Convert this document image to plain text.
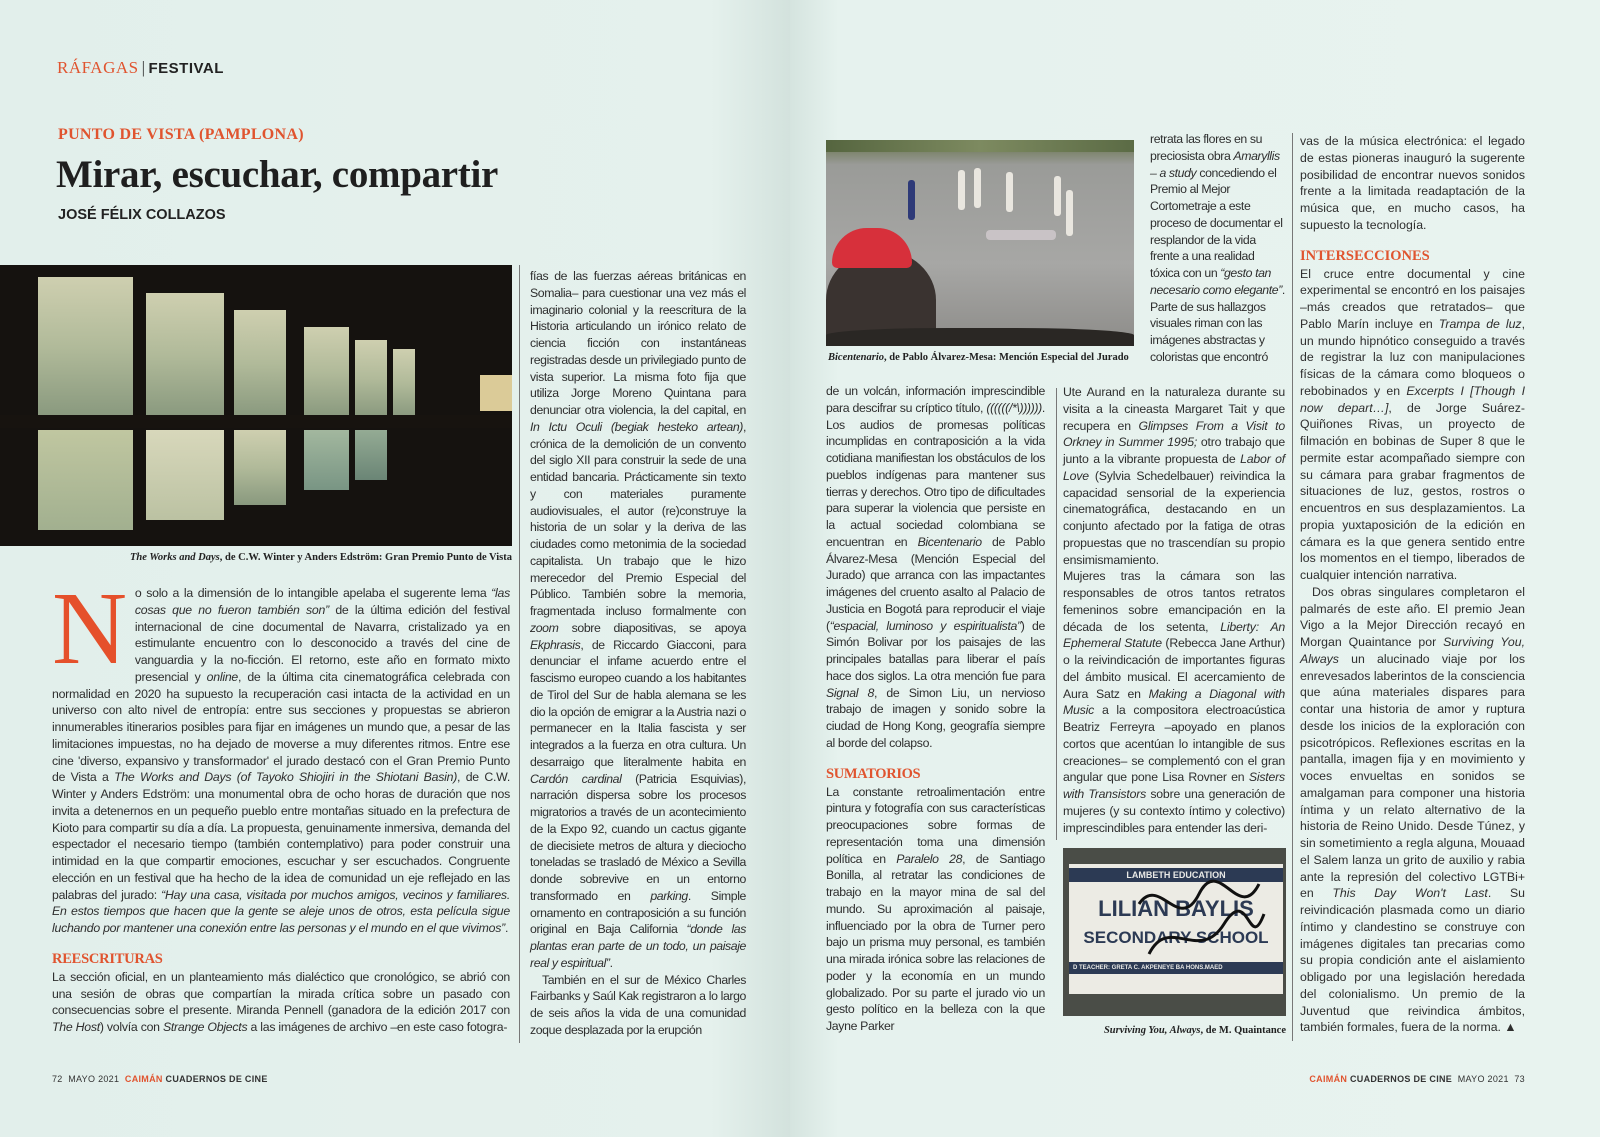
RÁFAGAS | FESTIVAL
PUNTO DE VISTA (PAMPLONA)
Mirar, escuchar, compartir
JOSÉ FÉLIX COLLAZOS
The Works and Days, de C.W. Winter y Anders Edström: Gran Premio Punto de Vista
N o solo a la dimensión de lo intangible apelaba el sugerente lema “las cosas que no fueron también son” de la última edición del festival internacional de cine documental de Navarra, cristalizado ya en estimulante encuentro con lo desconocido a través del cine de vanguardia y la no-ficción. El retorno, este año en formato mixto presencial y online, de la última cita cinematográfica celebrada con normalidad en 2020 ha supuesto la recuperación casi intacta de la actividad en un universo con alto nivel de entropía: entre sus secciones y propuestas se abrieron innumerables itinerarios posibles para fijar en imágenes un mundo que, a pesar de las limitaciones impuestas, no ha dejado de moverse a muy diferentes ritmos. Entre ese cine 'diverso, expansivo y transformador' el jurado destacó con el Gran Premio Punto de Vista a The Works and Days (of Tayoko Shiojiri in the Shiotani Basin), de C.W. Winter y Anders Edström: una monumental obra de ocho horas de duración que nos invita a detenernos en un pequeño pueblo entre montañas situado en la prefectura de Kioto para compartir su día a día. La propuesta, genuinamente inmersiva, demanda del espectador el necesario tiempo (también contemplativo) para poder construir una intimidad en la que compartir emociones, escuchar y ser escuchados. Congruente elección en un festival que ha hecho de la idea de comunidad un eje reflejado en las palabras del jurado: “Hay una casa, visitada por muchos amigos, vecinos y familiares. En estos tiempos que hacen que la gente se aleje unos de otros, esta película sigue luchando por mantener una conexión entre las personas y el mundo en el que vivimos”.

REESCRITURAS

La sección oficial, en un planteamiento más dialéctico que cronológico, se abrió con una sesión de obras que compartían la mirada crítica sobre un pasado con consecuencias sobre el presente. Miranda Pennell (ganadora de la edición 2017 con The Host) volvía con Strange Objects a las imágenes de archivo –en este caso fotogra-

fías de las fuerzas aéreas británicas en Somalia– para cuestionar una vez más el imaginario colonial y la reescritura de la Historia articulando un irónico relato de ciencia ficción con instantáneas registradas desde un privilegiado punto de vista superior. La misma foto fija que utiliza Jorge Moreno Quintana para denunciar otra violencia, la del capital, en In Ictu Oculi (begiak hesteko artean), crónica de la demolición de un convento del siglo XII para construir la sede de una entidad bancaria. Prácticamente sin texto y con materiales puramente audiovisuales, el autor (re)construye la historia de un solar y la deriva de las ciudades como metonimia de la sociedad capitalista. Un trabajo que le hizo merecedor del Premio Especial del Público. También sobre la memoria, fragmentada incluso formalmente con zoom sobre diapositivas, se apoya Ekphrasis, de Riccardo Giacconi, para denunciar el infame acuerdo entre el fascismo europeo cuando a los habitantes de Tirol del Sur de habla alemana se les dio la opción de emigrar a la Austria nazi o permanecer en la Italia fascista y ser integrados a la fuerza en otra cultura. Un desarraigo que literalmente habita en Cardón cardinal (Patricia Esquivias), narración dispersa sobre los procesos migratorios a través de un acontecimiento de la Expo 92, cuando un cactus gigante de diecisiete metros de altura y dieciocho toneladas se trasladó de México a Sevilla donde sobrevive en un entorno transformado en parking. Simple ornamento en contraposición a su función original en Baja California “donde las plantas eran parte de un todo, un paisaje real y espiritual”.

También en el sur de México Charles Fairbanks y Saúl Kak registraron a lo largo de seis años la vida de una comunidad zoque desplazada por la erupción

72 MAYO 2021 CAIMÁN CUADERNOS DE CINE
Bicentenario, de Pablo Álvarez-Mesa: Mención Especial del Jurado

de un volcán, información imprescindible para descifrar su críptico título, ((((((/*\)))))). Los audios de promesas políticas incumplidas en contraposición a la vida cotidiana manifiestan los obstáculos de los pueblos indígenas para mantener sus tierras y derechos. Otro tipo de dificultades para superar la violencia que persiste en la actual sociedad colombiana se encuentran en Bicentenario de Pablo Álvarez-Mesa (Mención Especial del Jurado) que arranca con las impactantes imágenes del cruento asalto al Palacio de Justicia en Bogotá para reproducir el viaje (“espacial, luminoso y espiritualista”) de Simón Bolivar por los paisajes de las principales batallas para liberar el país hace dos siglos. La otra mención fue para Signal 8, de Simon Liu, un nervioso trabajo de imagen y sonido sobre la ciudad de Hong Kong, geografía siempre al borde del colapso.

SUMATORIOS

La constante retroalimentación entre pintura y fotografía con sus características preocupaciones sobre formas de representación toma una dimensión política en Paralelo 28, de Santiago Bonilla, al retratar las condiciones de trabajo en la mayor mina de sal del mundo. Su aproximación al paisaje, influenciado por la obra de Turner pero bajo un prisma muy personal, es también una mirada irónica sobre las relaciones de poder y la economía en un mundo globalizado. Por su parte el jurado vio un gesto político en la belleza con la que Jayne Parker

retrata las flores en su preciosista obra Amaryllis – a study concediendo el Premio al Mejor Cortometraje a este proceso de documentar el resplandor de la vida frente a una realidad tóxica con un “gesto tan necesario como elegante”. Parte de sus hallazgos visuales riman con las imágenes abstractas y coloristas que encontró

Ute Aurand en la naturaleza durante su visita a la cineasta Margaret Tait y que recupera en Glimpses From a Visit to Orkney in Summer 1995; otro trabajo que junto a la vibrante propuesta de Labor of Love (Sylvia Schedelbauer) reivindica la capacidad sensorial de la experiencia cinematográfica, destacando en un conjunto afectado por la fatiga de otras propuestas que no trascendían su propio ensimismamiento.

Mujeres tras la cámara son las responsables de otros tantos retratos femeninos sobre emancipación en la década de los setenta, Liberty: An Ephemeral Statute (Rebecca Jane Arthur) o la reivindicación de importantes figuras del ámbito musical. El acercamiento de Aura Satz en Making a Diagonal with Music a la compositora electroacústica Beatriz Ferreyra –apoyado en planos cortos que acentúan lo intangible de sus creaciones– se complementó con el gran angular que pone Lisa Rovner en Sisters with Transistors sobre una generación de mujeres (y su contexto íntimo y colectivo) imprescindibles para entender las deri-

LAMBETH EDUCATION
LILIAN BAYLIS
SECONDARY SCHOOL
D TEACHER: GRETA C. AKPENEYE BA HONS.MAED
Surviving You, Always, de M. Quaintance

vas de la música electrónica: el legado de estas pioneras inauguró la sugerente posibilidad de encontrar nuevos sonidos frente a la limitada readaptación de la música que, en mucho casos, ha supuesto la tecnología.

INTERSECCIONES

El cruce entre documental y cine experimental se encontró en los paisajes –más creados que retratados– que Pablo Marín incluye en Trampa de luz, un mundo hipnótico conseguido a través de registrar la luz con manipulaciones físicas de la cámara como bloqueos o rebobinados y en Excerpts I [Though I now depart…], de Jorge Suárez-Quiñones Rivas, un proyecto de filmación en bobinas de Super 8 que le permite estar acompañado siempre con su cámara para grabar fragmentos de situaciones de luz, gestos, rostros o encuentros en sus desplazamientos. La propia yuxtaposición de la edición en cámara es la que genera sentido entre los momentos en el tiempo, liberados de cualquier intención narrativa.

Dos obras singulares completaron el palmarés de este año. El premio Jean Vigo a la Mejor Dirección recayó en Morgan Quaintance por Surviving You, Always un alucinado viaje por los enrevesados laberintos de la consciencia que aúna materiales dispares para contar una historia de amor y ruptura desde los inicios de la exploración con psicotrópicos. Reflexiones escritas en la pantalla, imagen fija y en movimiento y voces envueltas en sonidos se amalgaman para componer una historia íntima y un relato alternativo de la historia de Reino Unido. Desde Túnez, y sin sometimiento a regla alguna, Mouaad el Salem lanza un grito de auxilio y rabia ante la represión del colectivo LGTBi+ en This Day Won't Last. Su reivindicación plasmada como un diario íntimo y clandestino se construye con imágenes digitales tan precarias como su propia condición ante el aislamiento obligado por una legislación heredada del colonialismo. Un premio de la Juventud que reivindica ámbitos, también formales, fuera de la norma. ▲

CAIMÁN CUADERNOS DE CINE MAYO 2021 73
